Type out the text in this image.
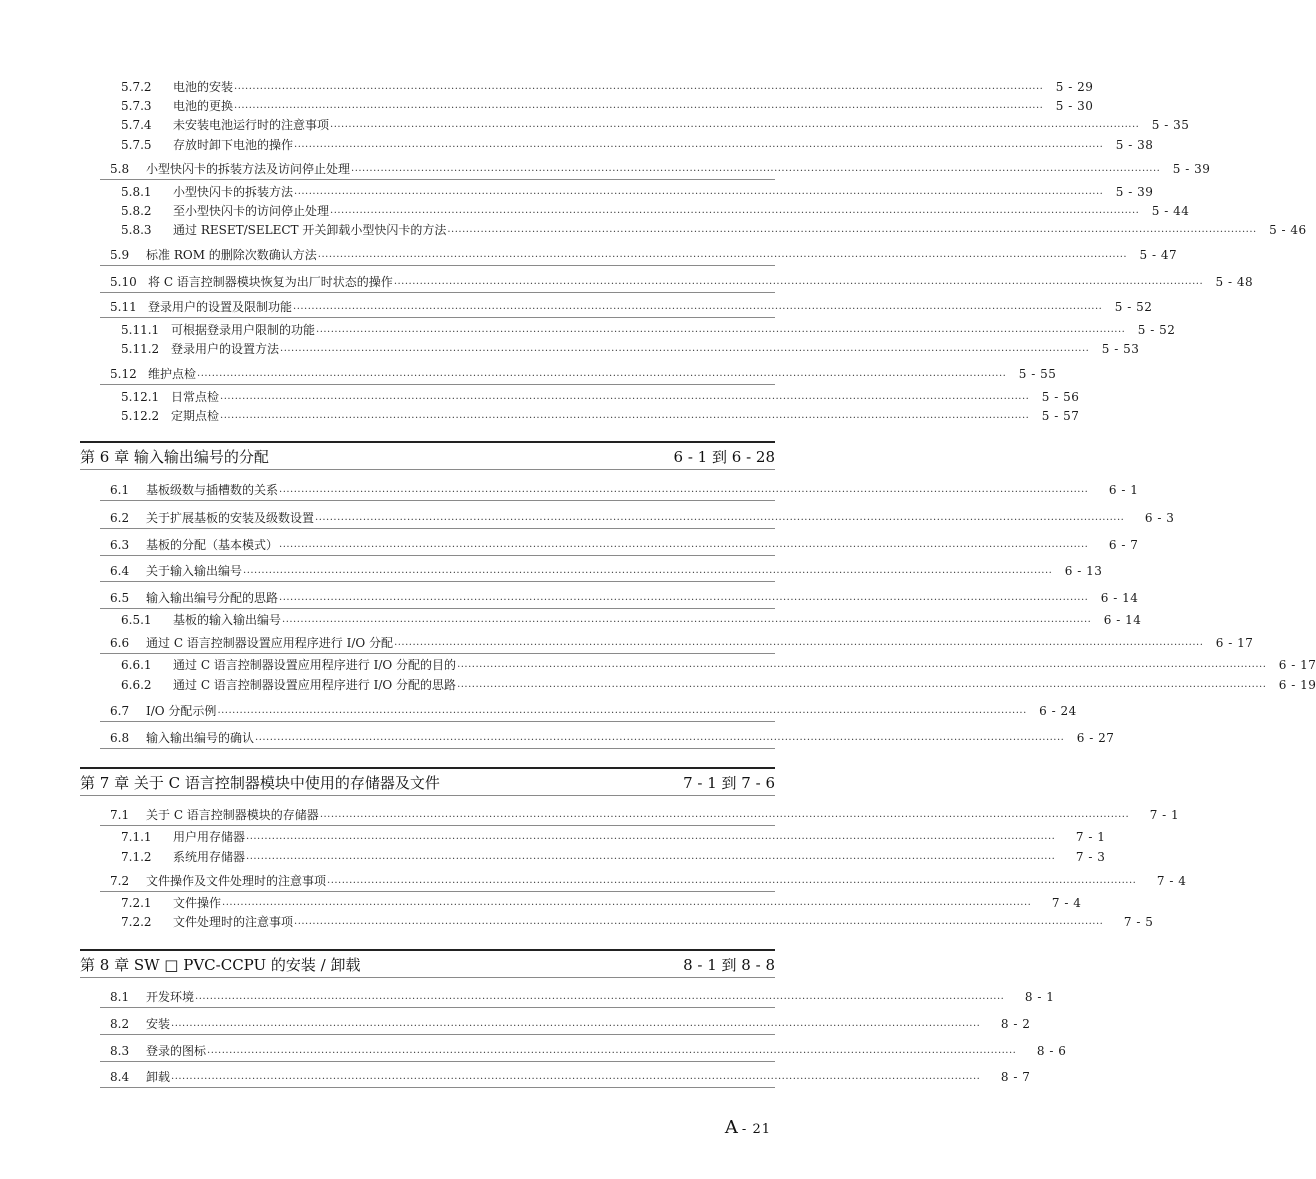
5.7.2	电池的安装 ............................................................................................................................................................................................................................	5 - 29
5.7.3	电池的更换 ............................................................................................................................................................................................................................	5 - 30
5.7.4	未安装电池运行时的注意事项 ............................................................................................................................................................................................................................	5 - 35
5.7.5	存放时卸下电池的操作 ............................................................................................................................................................................................................................	5 - 38
5.8	小型快闪卡的拆装方法及访问停止处理 ............................................................................................................................................................................................................................	5 - 39
5.8.1	小型快闪卡的拆装方法 ............................................................................................................................................................................................................................	5 - 39
5.8.2	至小型快闪卡的访问停止处理 ............................................................................................................................................................................................................................	5 - 44
5.8.3	通过 RESET/SELECT 开关卸载小型快闪卡的方法 ............................................................................................................................................................................................................................	5 - 46
5.9	标准 ROM 的删除次数确认方法 ............................................................................................................................................................................................................................	5 - 47
5.10 将 C 语言控制器模块恢复为出厂时状态的操作 ............................................................................................................................................................................................................................	5 - 48
5.11 登录用户的设置及限制功能 ............................................................................................................................................................................................................................	5 - 52
5.11.1 可根据登录用户限制的功能 ............................................................................................................................................................................................................................	5 - 52
5.11.2 登录用户的设置方法 ............................................................................................................................................................................................................................	5 - 53
5.12 维护点检 ............................................................................................................................................................................................................................	5 - 55
5.12.1 日常点检 ............................................................................................................................................................................................................................	5 - 56
5.12.2 定期点检 ............................................................................................................................................................................................................................	5 - 57
第 6 章 输入输出编号的分配	6 - 1 到 6 - 28
6.1	基板级数与插槽数的关系 ............................................................................................................................................................................................................................	6 - 1
6.2	关于扩展基板的安装及级数设置 ............................................................................................................................................................................................................................	6 - 3
6.3	基板的分配（基本模式） ............................................................................................................................................................................................................................	6 - 7
6.4	关于输入输出编号 ............................................................................................................................................................................................................................	6 - 13
6.5	输入输出编号分配的思路 ............................................................................................................................................................................................................................	6 - 14
6.5.1	基板的输入输出编号 ............................................................................................................................................................................................................................	6 - 14
6.6	通过 C 语言控制器设置应用程序进行 I/O 分配 ............................................................................................................................................................................................................................	6 - 17
6.6.1	通过 C 语言控制器设置应用程序进行 I/O 分配的目的 ............................................................................................................................................................................................................................	6 - 17
6.6.2	通过 C 语言控制器设置应用程序进行 I/O 分配的思路 ............................................................................................................................................................................................................................	6 - 19
6.7	I/O 分配示例 ............................................................................................................................................................................................................................	6 - 24
6.8	输入输出编号的确认 ............................................................................................................................................................................................................................	6 - 27
第 7 章 关于 C 语言控制器模块中使用的存储器及文件	7 - 1 到 7 - 6
7.1	关于 C 语言控制器模块的存储器 ............................................................................................................................................................................................................................	7 - 1
7.1.1	用户用存储器 ............................................................................................................................................................................................................................	7 - 1
7.1.2	系统用存储器 ............................................................................................................................................................................................................................	7 - 3
7.2	文件操作及文件处理时的注意事项 ............................................................................................................................................................................................................................	7 - 4
7.2.1	文件操作 ............................................................................................................................................................................................................................	7 - 4
7.2.2	文件处理时的注意事项 ............................................................................................................................................................................................................................	7 - 5
第 8 章 SW □ PVC-CCPU 的安装 / 卸载	8 - 1 到 8 - 8
8.1	开发环境 ............................................................................................................................................................................................................................	8 - 1
8.2	安装 ............................................................................................................................................................................................................................	8 - 2
8.3	登录的图标 ............................................................................................................................................................................................................................	8 - 6
8.4	卸载 ............................................................................................................................................................................................................................	8 - 7
A - 21
